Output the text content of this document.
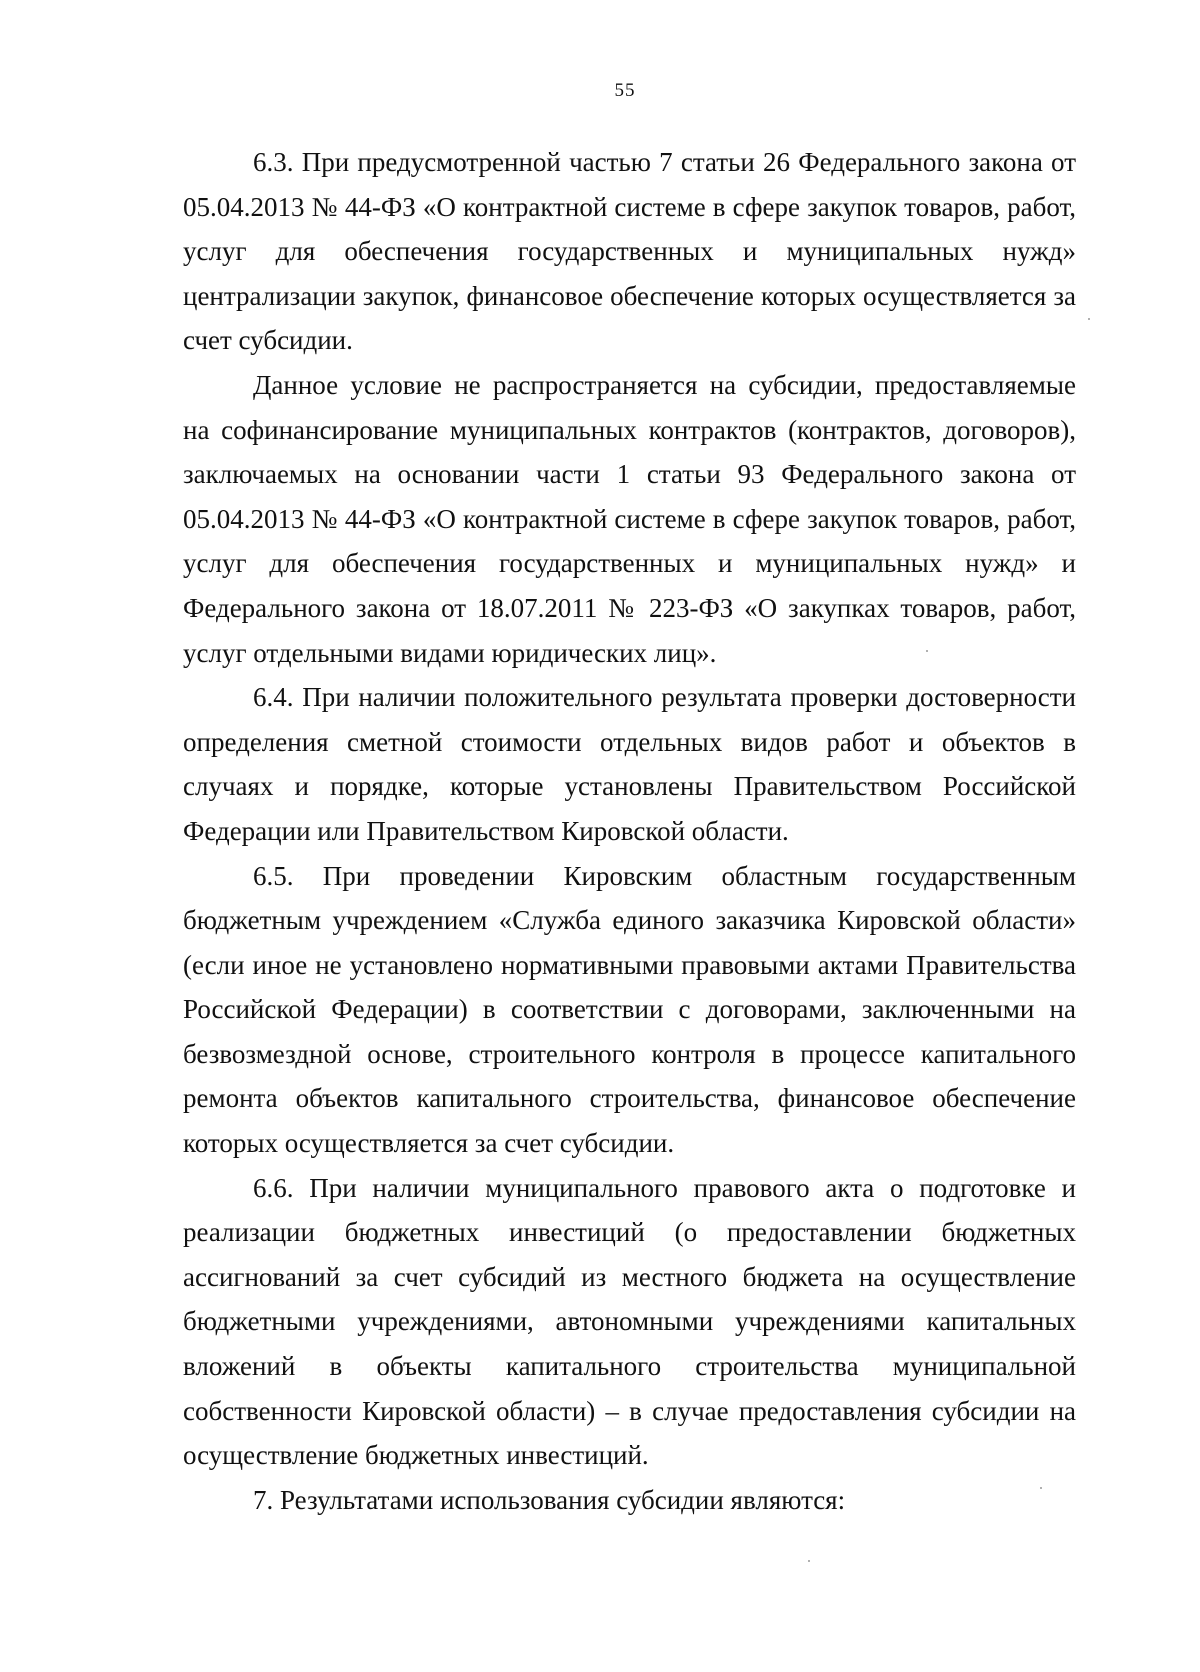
55

6.3. При предусмотренной частью 7 статьи 26 Федерального закона от 05.04.2013 № 44-ФЗ «О контрактной системе в сфере закупок товаров, работ, услуг для обеспечения государственных и муниципальных нужд» централизации закупок, финансовое обеспечение которых осуществляется за счет субсидии.

Данное условие не распространяется на субсидии, предоставляемые на софинансирование муниципальных контрактов (контрактов, договоров), заключаемых на основании части 1 статьи 93 Федерального закона от 05.04.2013 № 44-ФЗ «О контрактной системе в сфере закупок товаров, работ, услуг для обеспечения государственных и муниципальных нужд» и Федерального закона от 18.07.2011 № 223-ФЗ «О закупках товаров, работ, услуг отдельными видами юридических лиц».

6.4. При наличии положительного результата проверки достоверности определения сметной стоимости отдельных видов работ и объектов в случаях и порядке, которые установлены Правительством Российской Федерации или Правительством Кировской области.

6.5. При проведении Кировским областным государственным бюджетным учреждением «Служба единого заказчика Кировской области» (если иное не установлено нормативными правовыми актами Правительства Российской Федерации) в соответствии с договорами, заключенными на безвозмездной основе, строительного контроля в процессе капитального ремонта объектов капитального строительства, финансовое обеспечение которых осуществляется за счет субсидии.

6.6. При наличии муниципального правового акта о подготовке и реализации бюджетных инвестиций (о предоставлении бюджетных ассигнований за счет субсидий из местного бюджета на осуществление бюджетными учреждениями, автономными учреждениями капитальных вложений в объекты капитального строительства муниципальной собственности Кировской области) – в случае предоставления субсидии на осуществление бюджетных инвестиций.

7. Результатами использования субсидии являются:
